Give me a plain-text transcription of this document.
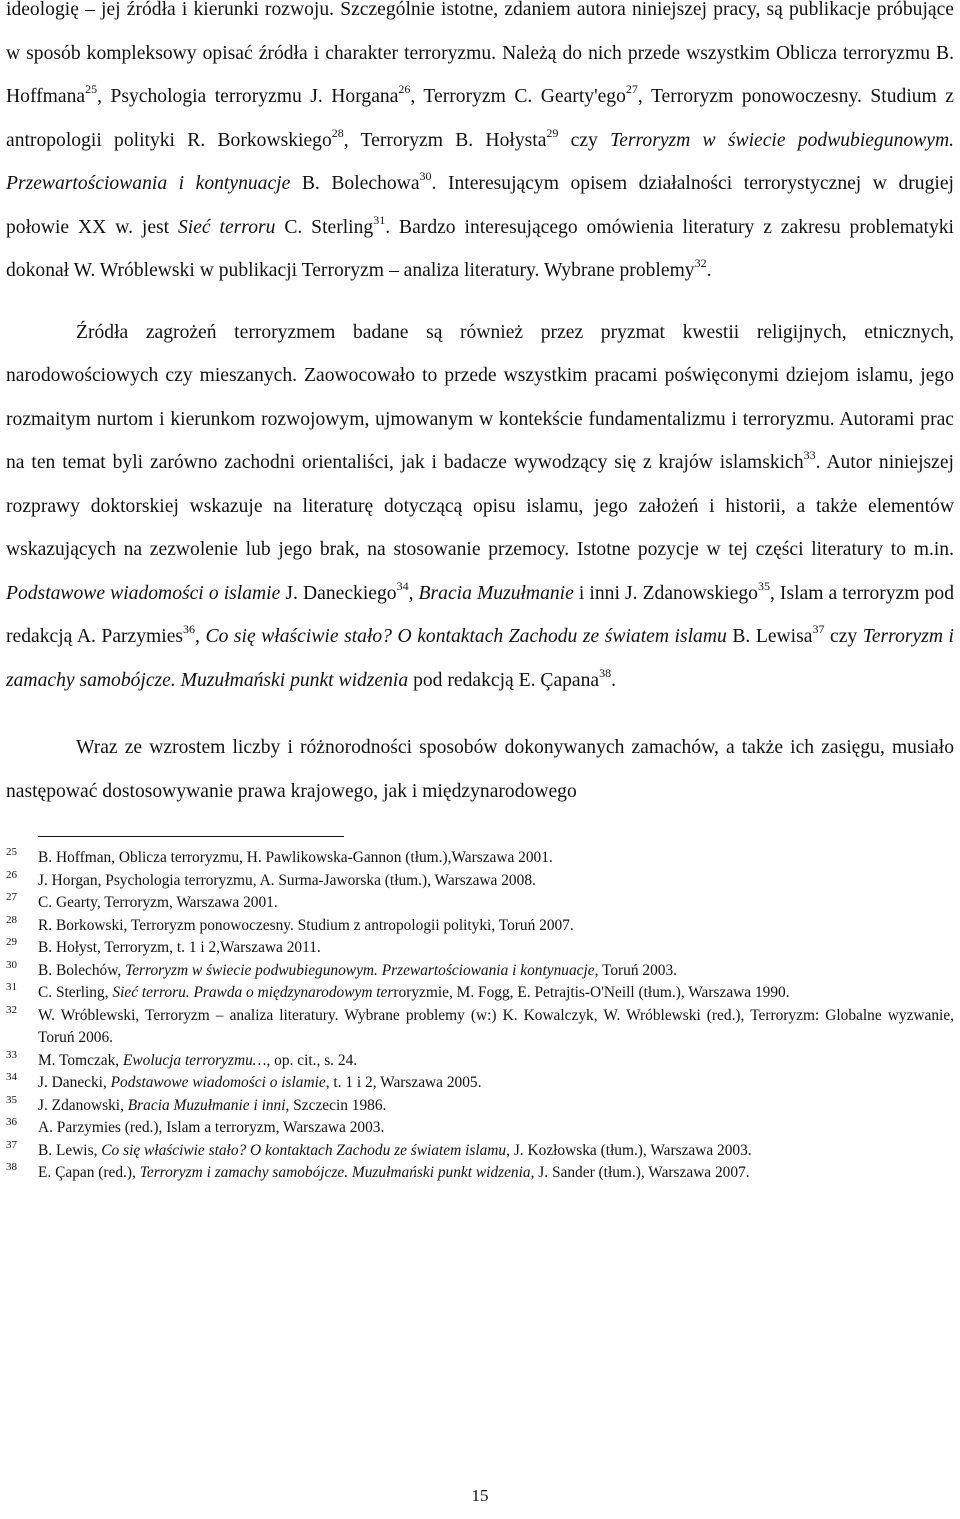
ideologię – jej źródła i kierunki rozwoju. Szczególnie istotne, zdaniem autora niniejszej pracy, są publikacje próbujące w sposób kompleksowy opisać źródła i charakter terroryzmu. Należą do nich przede wszystkim Oblicza terroryzmu B. Hoffmana$^{25}$, Psychologia terroryzmu J. Horgana$^{26}$, Terroryzm C. Gearty'ego$^{27}$, Terroryzm ponowoczesny. Studium z antropologii polityki R. Borkowskiego$^{28}$, Terroryzm B. Hołysta$^{29}$ czy Terroryzm w świecie podwubiegunowym. Przewartościowania i kontynuacje B. Bolechowa$^{30}$. Interesującym opisem działalności terrorystycznej w drugiej połowie XX w. jest Sieć terroru C. Sterling$^{31}$. Bardzo interesującego omówienia literatury z zakresu problematyki dokonał W. Wróblewski w publikacji Terroryzm – analiza literatury. Wybrane problemy$^{32}$.

Źródła zagrożeń terroryzmem badane są również przez pryzmat kwestii religijnych, etnicznych, narodowościowych czy mieszanych. Zaowocowało to przede wszystkim pracami poświęconymi dziejom islamu, jego rozmaitym nurtom i kierunkom rozwojowym, ujmowanym w kontekście fundamentalizmu i terroryzmu. Autorami prac na ten temat byli zarówno zachodni orientaliści, jak i badacze wywodzący się z krajów islamskich$^{33}$. Autor niniejszej rozprawy doktorskiej wskazuje na literaturę dotyczącą opisu islamu, jego założeń i historii, a także elementów wskazujących na zezwolenie lub jego brak, na stosowanie przemocy. Istotne pozycje w tej części literatury to m.in. Podstawowe wiadomości o islamie J. Daneckiego$^{34}$, Bracia Muzułmanie i inni J. Zdanowskiego$^{35}$, Islam a terroryzm pod redakcją A. Parzymies$^{36}$, Co się właściwie stało? O kontaktach Zachodu ze światem islamu B. Lewisa$^{37}$ czy Terroryzm i zamachy samobójcze. Muzułmański punkt widzenia pod redakcją E. Çapana$^{38}$.

Wraz ze wzrostem liczby i różnorodności sposobów dokonywanych zamachów, a także ich zasięgu, musiało następować dostosowywanie prawa krajowego, jak i międzynarodowego

25 B. Hoffman, Oblicza terroryzmu, H. Pawlikowska-Gannon (tłum.),Warszawa 2001.
26 J. Horgan, Psychologia terroryzmu, A. Surma-Jaworska (tłum.), Warszawa 2008.
27 C. Gearty, Terroryzm, Warszawa 2001.
28 R. Borkowski, Terroryzm ponowoczesny. Studium z antropologii polityki, Toruń 2007.
29 B. Hołyst, Terroryzm, t. 1 i 2,Warszawa 2011.
30 B. Bolechów, Terroryzm w świecie podwubiegunowym. Przewartościowania i kontynuacje, Toruń 2003.
31 C. Sterling, Sieć terroru. Prawda o międzynarodowym terroryzmie, M. Fogg, E. Petrajtis-O'Neill (tłum.), Warszawa 1990.
32 W. Wróblewski, Terroryzm – analiza literatury. Wybrane problemy (w:) K. Kowalczyk, W. Wróblewski (red.), Terroryzm: Globalne wyzwanie, Toruń 2006.
33 M. Tomczak, Ewolucja terroryzmu…, op. cit., s. 24.
34 J. Danecki, Podstawowe wiadomości o islamie, t. 1 i 2, Warszawa 2005.
35 J. Zdanowski, Bracia Muzułmanie i inni, Szczecin 1986.
36 A. Parzymies (red.), Islam a terroryzm, Warszawa 2003.
37 B. Lewis, Co się właściwie stało? O kontaktach Zachodu ze światem islamu, J. Kozłowska (tłum.), Warszawa 2003.
38 E. Çapan (red.), Terroryzm i zamachy samobójcze. Muzułmański punkt widzenia, J. Sander (tłum.), Warszawa 2007.
15
